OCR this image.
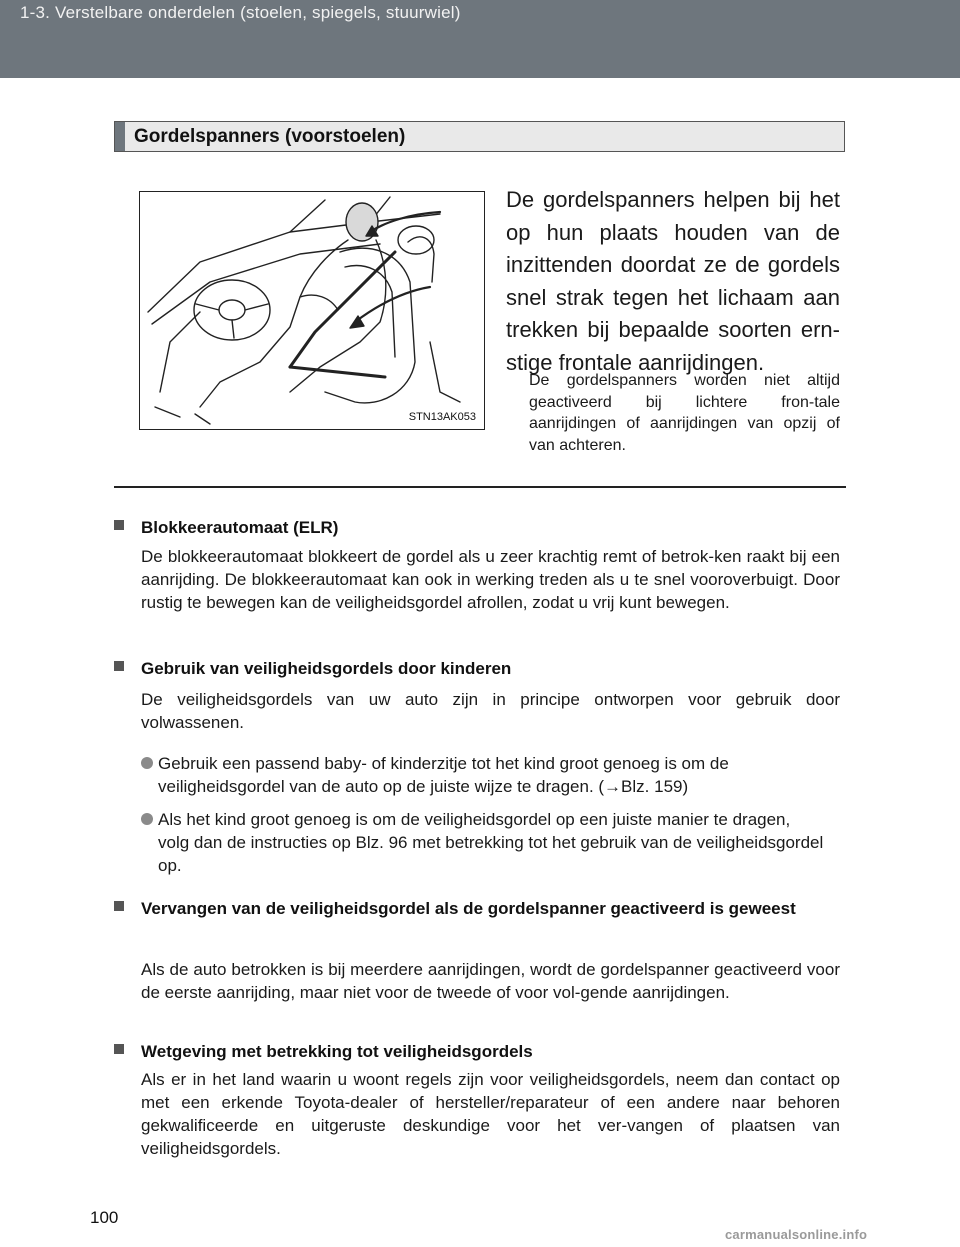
1-3. Verstelbare onderdelen (stoelen, spiegels, stuurwiel)
Gordelspanners (voorstoelen)
STN13AK053
De gordelspanners helpen bij het op hun plaats houden van de inzittenden doordat ze de gordels snel strak tegen het lichaam aan trekken bij bepaalde soorten ern-stige frontale aanrijdingen.
De gordelspanners worden niet altijd geactiveerd bij lichtere fron-tale aanrijdingen of aanrijdingen van opzij of van achteren.
Blokkeerautomaat (ELR)
De blokkeerautomaat blokkeert de gordel als u zeer krachtig remt of betrok-ken raakt bij een aanrijding. De blokkeerautomaat kan ook in werking treden als u te snel vooroverbuigt. Door rustig te bewegen kan de veiligheidsgordel afrollen, zodat u vrij kunt bewegen.
Gebruik van veiligheidsgordels door kinderen
De veiligheidsgordels van uw auto zijn in principe ontworpen voor gebruik door volwassenen.
Gebruik een passend baby- of kinderzitje tot het kind groot genoeg is om de veiligheidsgordel van de auto op de juiste wijze te dragen. (→Blz. 159)
Als het kind groot genoeg is om de veiligheidsgordel op een juiste manier te dragen, volg dan de instructies op Blz. 96 met betrekking tot het gebruik van de veiligheidsgordel op.
Vervangen van de veiligheidsgordel als de gordelspanner geactiveerd is geweest
Als de auto betrokken is bij meerdere aanrijdingen, wordt de gordelspanner geactiveerd voor de eerste aanrijding, maar niet voor de tweede of voor vol-gende aanrijdingen.
Wetgeving met betrekking tot veiligheidsgordels
Als er in het land waarin u woont regels zijn voor veiligheidsgordels, neem dan contact op met een erkende Toyota-dealer of hersteller/reparateur of een andere naar behoren gekwalificeerde en uitgeruste deskundige voor het ver-vangen of plaatsen van veiligheidsgordels.
100
carmanualsonline.info
